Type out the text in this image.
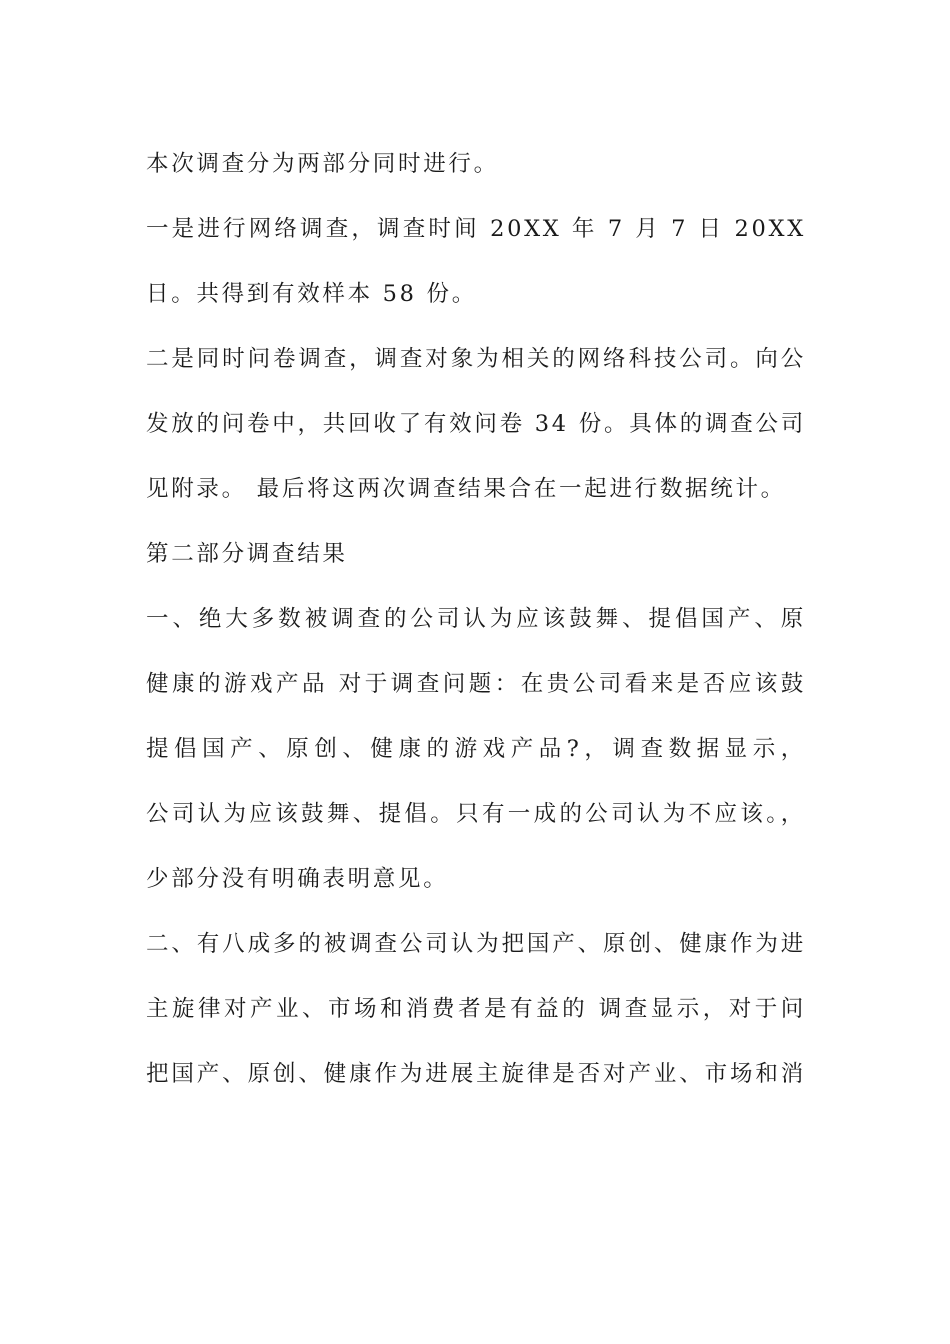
本次调查分为两部分同时进行。
一是进行网络调查，调查时间 20XX 年 7 月 7 日 20XX
日。共得到有效样本 58 份。
二是同时问卷调查，调查对象为相关的网络科技公司。向公
发放的问卷中，共回收了有效问卷 34 份。具体的调查公司
见附录。 最后将这两次调查结果合在一起进行数据统计。
第二部分调查结果
一、绝大多数被调查的公司认为应该鼓舞、提倡国产、原
健康的游戏产品 对于调查问题：在贵公司看来是否应该鼓
提倡国产、原创、健康的游戏产品?，调查数据显示，
公司认为应该鼓舞、提倡。只有一成的公司认为不应该。，
少部分没有明确表明意见。
二、有八成多的被调查公司认为把国产、原创、健康作为进
主旋律对产业、市场和消费者是有益的 调查显示，对于问
把国产、原创、健康作为进展主旋律是否对产业、市场和消
